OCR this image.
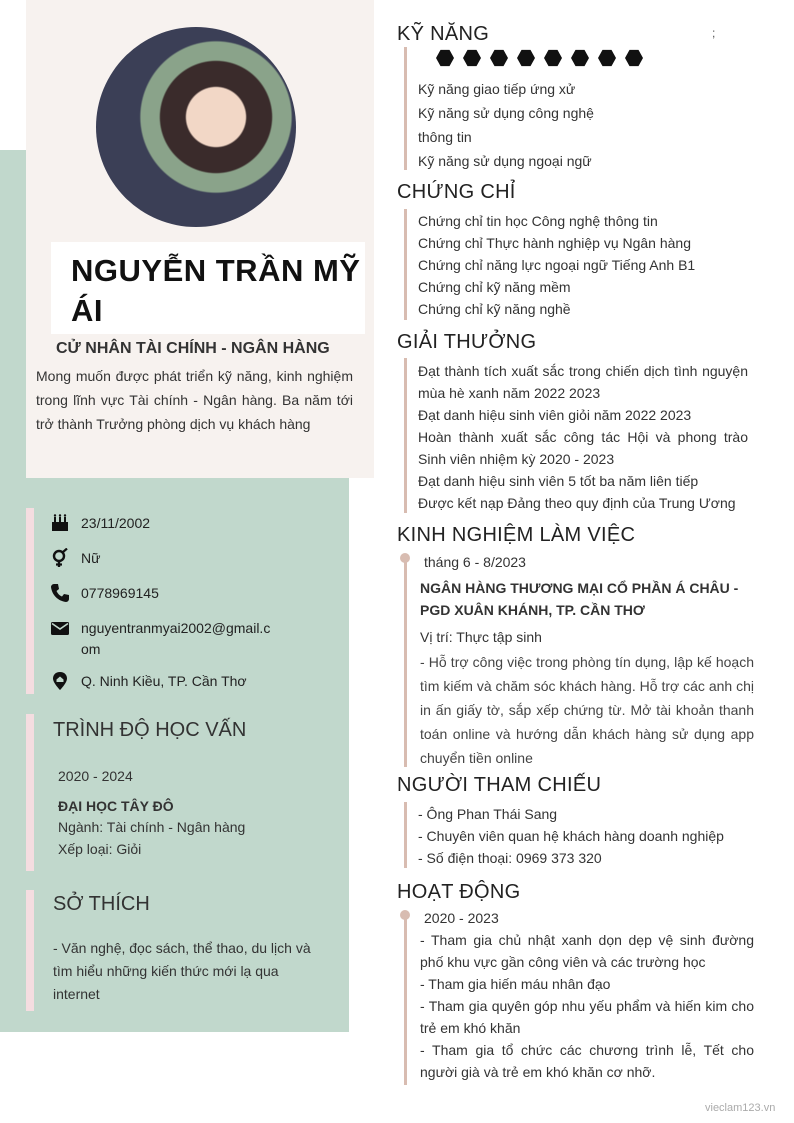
NGUYỄN TRẦN MỸ
ÁI
CỬ NHÂN TÀI CHÍNH - NGÂN HÀNG
Mong muốn được phát triển kỹ năng, kinh nghiệm trong lĩnh vực Tài chính - Ngân hàng. Ba năm tới trở thành Trưởng phòng dịch vụ khách hàng
23/11/2002
Nữ
0778969145
nguyentranmyai2002@gmail.c
om
Q. Ninh Kiều, TP. Cần Thơ
TRÌNH ĐỘ HỌC VẤN
2020 - 2024
ĐẠI HỌC TÂY ĐÔ
Ngành: Tài chính - Ngân hàng
Xếp loại: Giỏi
SỞ THÍCH
- Văn nghệ, đọc sách, thể thao, du lịch và
tìm hiểu những kiến thức mới lạ qua
internet
;
KỸ NĂNG
Kỹ năng giao tiếp ứng xử
Kỹ năng sử dụng công nghệ
thông tin
Kỹ năng sử dụng ngoại ngữ
CHỨNG CHỈ
Chứng chỉ tin học Công nghệ thông tin
Chứng chỉ Thực hành nghiệp vụ Ngân hàng
Chứng chỉ năng lực ngoại ngữ Tiếng Anh B1
Chứng chỉ kỹ năng mềm
Chứng chỉ kỹ năng nghề
GIẢI THƯỞNG
Đạt thành tích xuất sắc trong chiến dịch tình nguyện mùa hè xanh năm 2022 2023
Đạt danh hiệu sinh viên giỏi năm 2022 2023
Hoàn thành xuất sắc công tác Hội và phong trào Sinh viên nhiệm kỳ 2020 - 2023
Đạt danh hiệu sinh viên 5 tốt ba năm liên tiếp
Được kết nạp Đảng theo quy định của Trung Ương
KINH NGHIỆM LÀM VIỆC
tháng 6 - 8/2023
NGÂN HÀNG THƯƠNG MẠI CỔ PHẦN Á CHÂU - PGD XUÂN KHÁNH, TP. CẦN THƠ
Vị trí: Thực tập sinh
- Hỗ trợ công việc trong phòng tín dụng, lập kế hoạch tìm kiếm và chăm sóc khách hàng. Hỗ trợ các anh chị in ấn giấy tờ, sắp xếp chứng từ. Mở tài khoản thanh toán online và hướng dẫn khách hàng sử dụng app chuyển tiền online
NGƯỜI THAM CHIẾU
- Ông Phan Thái Sang
- Chuyên viên quan hệ khách hàng doanh nghiệp
- Số điện thoại: 0969 373 320
HOẠT ĐỘNG
2020 - 2023
- Tham gia chủ nhật xanh dọn dẹp vệ sinh đường phố khu vực gần công viên và các trường học
- Tham gia hiến máu nhân đạo
- Tham gia quyên góp nhu yếu phẩm và hiến kim cho trẻ em khó khăn
- Tham gia tổ chức các chương trình lễ, Tết cho người già và trẻ em khó khăn cơ nhỡ.
vieclam123.vn
